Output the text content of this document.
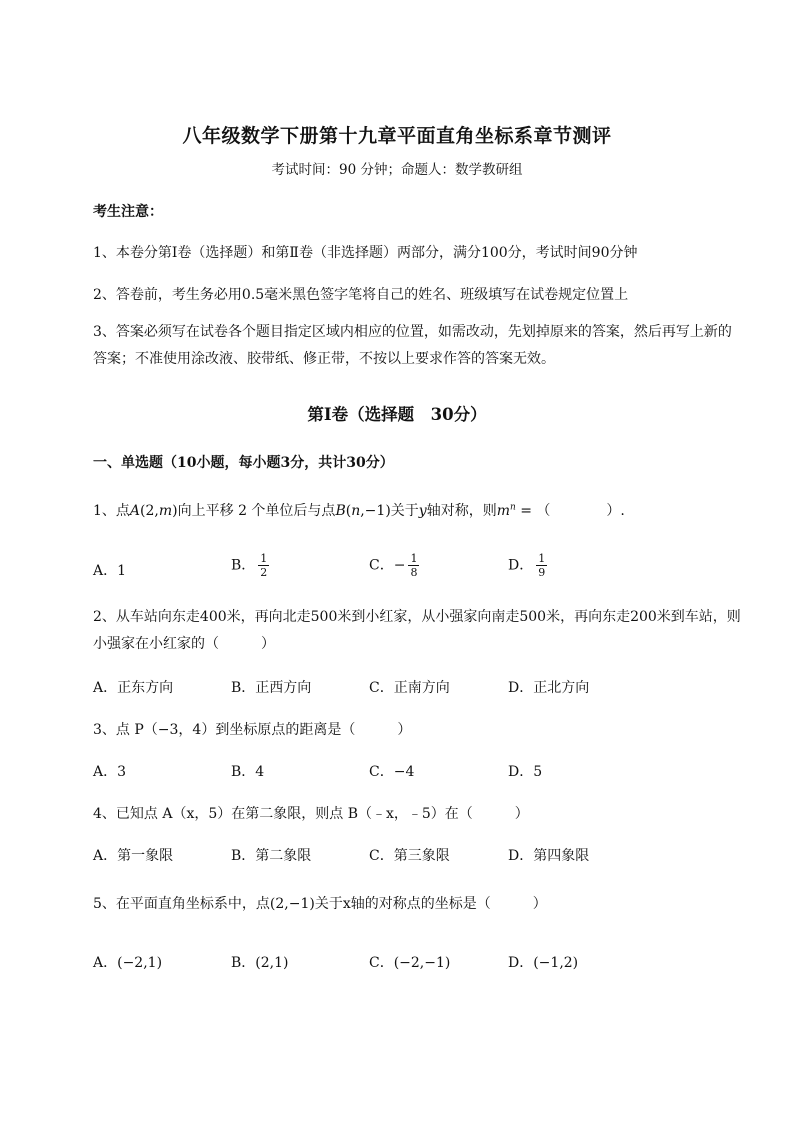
八年级数学下册第十九章平面直角坐标系章节测评
考试时间：90 分钟；命题人：数学教研组
考生注意：
1、本卷分第Ⅰ卷（选择题）和第Ⅱ卷（非选择题）两部分，满分100分，考试时间90分钟
2、答卷前，考生务必用0.5毫米黑色签字笔将自己的姓名、班级填写在试卷规定位置上
3、答案必须写在试卷各个题目指定区域内相应的位置，如需改动，先划掉原来的答案，然后再写上新的答案；不准使用涂改液、胶带纸、修正带，不按以上要求作答的答案无效。
第Ⅰ卷（选择题　30分）
一、单选题（10小题，每小题3分，共计30分）
1、点A(2,m)向上平移 2 个单位后与点B(n,−1)关于y轴对称，则$m^n$ = （　　　　）.
A．1	B． $\frac{1}{2}$	C．− $\frac{1}{8}$	D． $\frac{1}{9}$
2、从车站向东走400米，再向北走500米到小红家，从小强家向南走500米，再向东走200米到车站，则小强家在小红家的（　　　）
A．正东方向	B．正西方向	C．正南方向	D．正北方向
3、点 P（−3，4）到坐标原点的距离是（　　　）
A．3	B．4	C．−4	D．5
4、已知点 A（x，5）在第二象限，则点 B（﹣x，﹣5）在（　　　）
A．第一象限	B．第二象限	C．第三象限	D．第四象限
5、在平面直角坐标系中，点(2,−1)关于x轴的对称点的坐标是（　　　）
A．(−2,1)	B．(2,1)	C．(−2,−1)	D．(−1,2)
